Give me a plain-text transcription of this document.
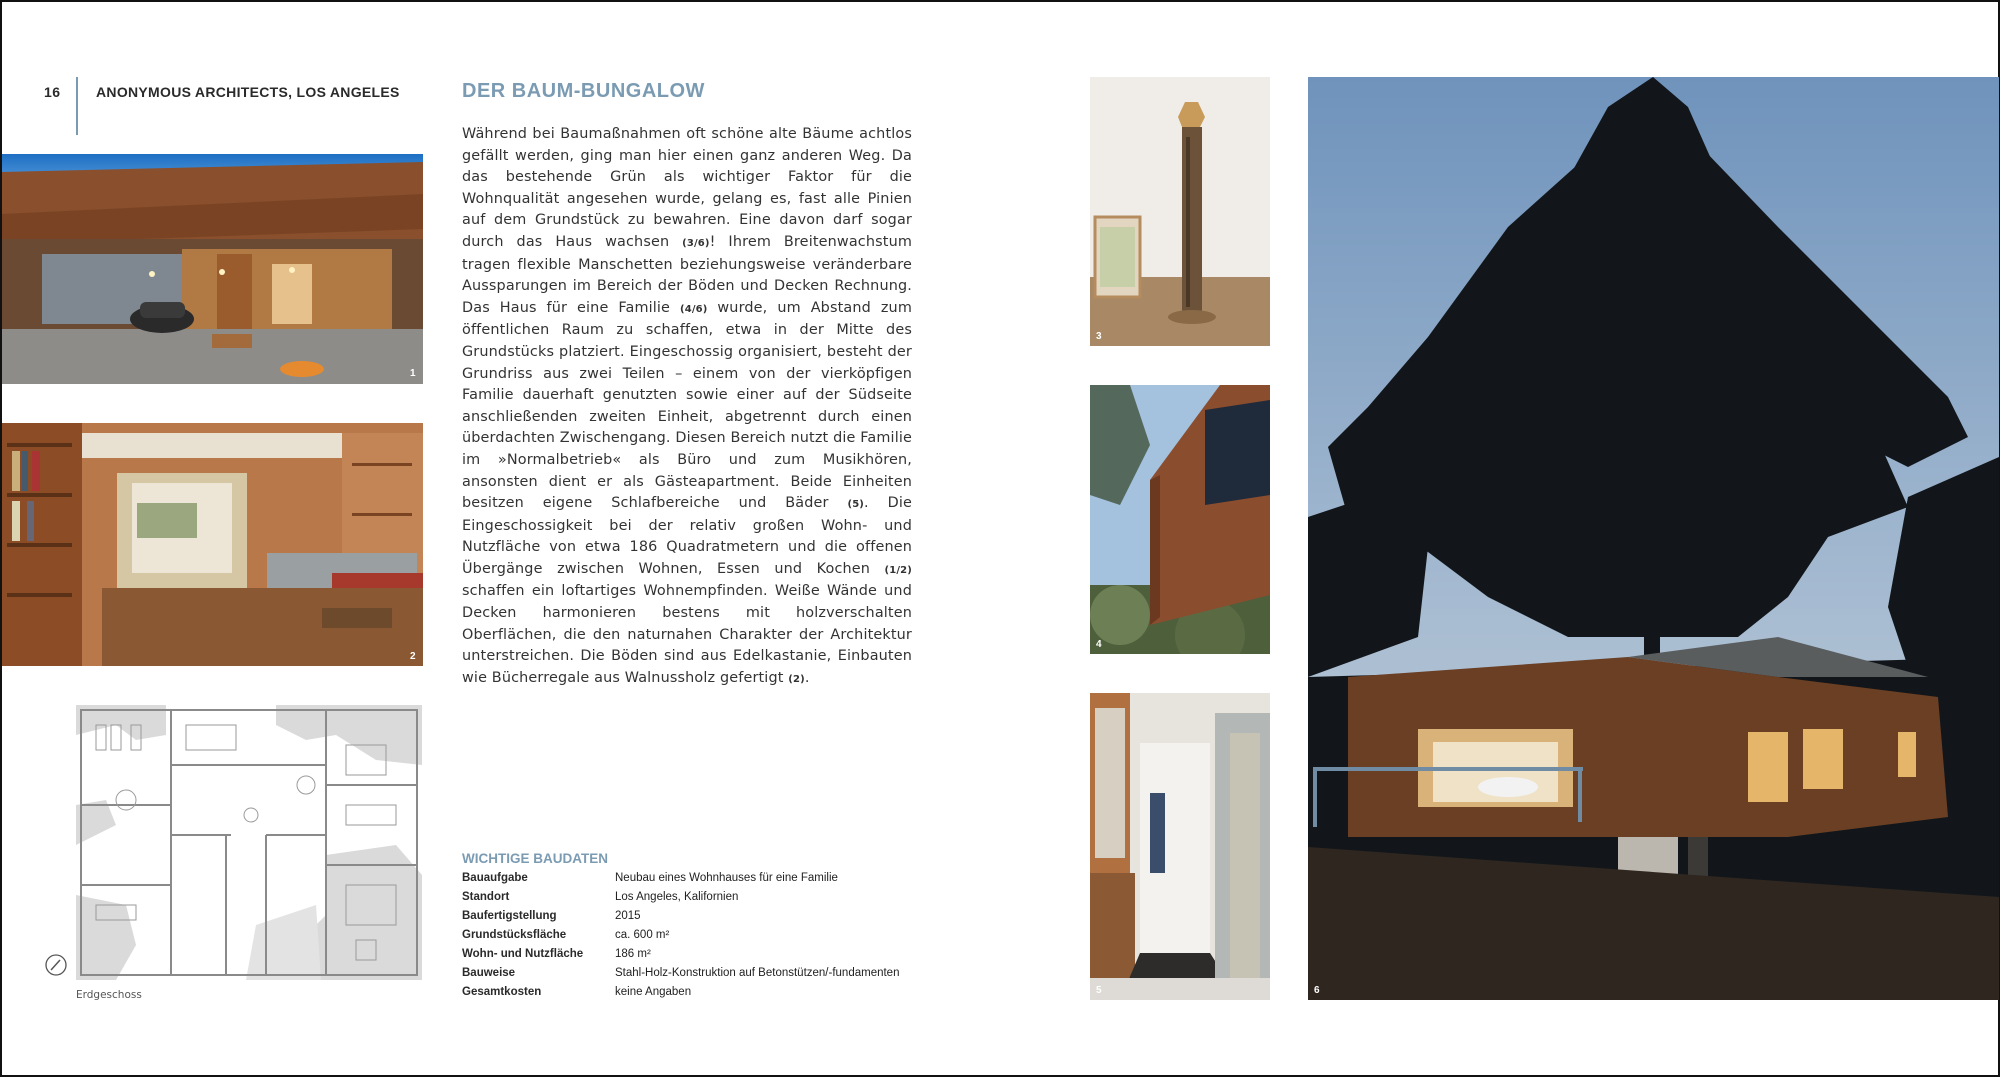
16	ANONYMOUS ARCHITECTS, LOS ANGELES
1
2
Erdgeschoss
DER BAUM-BUNGALOW
Während bei Baumaßnahmen oft schöne alte Bäume achtlos gefällt werden, ging man hier einen ganz anderen Weg. Da das bestehende Grün als wichtiger Faktor für die Wohnqualität angesehen wurde, gelang es, fast alle Pinien auf dem Grundstück zu bewahren. Eine davon darf sogar durch das Haus wachsen (3/6)! Ihrem Breitenwachstum tragen flexible Manschetten beziehungsweise veränderbare Aussparungen im Bereich der Böden und Decken Rechnung. Das Haus für eine Familie (4/6) wurde, um Abstand zum öffentlichen Raum zu schaffen, etwa in der Mitte des Grundstücks platziert. Eingeschossig organisiert, besteht der Grundriss aus zwei Teilen – einem von der vierköpfigen Familie dauerhaft genutzten sowie einer auf der Südseite anschließenden zweiten Einheit, abgetrennt durch einen überdachten Zwischengang. Diesen Bereich nutzt die Familie im »Normalbetrieb« als Büro und zum Musikhören, ansonsten dient er als Gästeapartment. Beide Einheiten besitzen eigene Schlafbereiche und Bäder (5). Die Eingeschossigkeit bei der relativ großen Wohn- und Nutzfläche von etwa 186 Quadratmetern und die offenen Übergänge zwischen Wohnen, Essen und Kochen (1/2) schaffen ein loftartiges Wohnempfinden. Weiße Wände und Decken harmonieren bestens mit holzverschalten Oberflächen, die den naturnahen Charakter der Architektur unterstreichen. Die Böden sind aus Edelkastanie, Einbauten wie Bücherregale aus Walnussholz gefertigt (2).
WICHTIGE BAUDATEN
Bauaufgabe	Neubau eines Wohnhauses für eine Familie
Standort	Los Angeles, Kalifornien
Baufertigstellung	2015
Grundstücksfläche	ca. 600 m²
Wohn- und Nutzfläche	186 m²
Bauweise	Stahl-Holz-Konstruktion auf Betonstützen/-fundamenten
Gesamtkosten	keine Angaben
3
4
5	6
